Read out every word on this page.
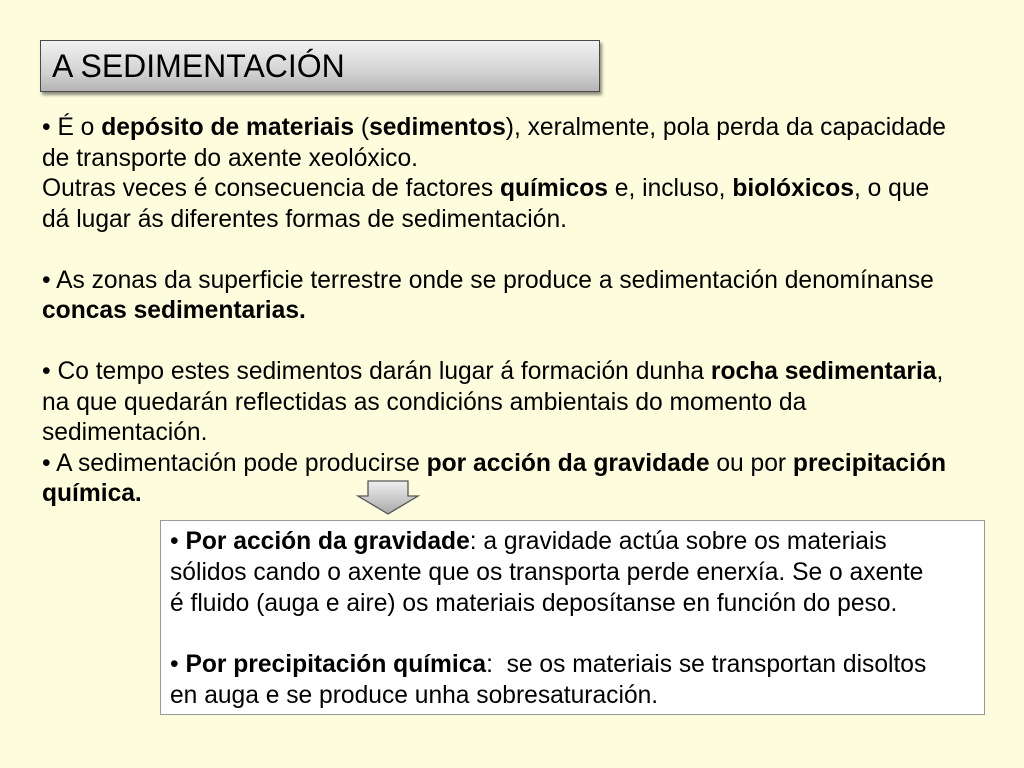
A SEDIMENTACIÓN
• É o depósito de materiais (sedimentos), xeralmente, pola perda da capacidade
de transporte do axente xeolóxico.
Outras veces é consecuencia de factores químicos e, incluso, biolóxicos, o que
dá lugar ás diferentes formas de sedimentación.
• As zonas da superficie terrestre onde se produce a sedimentación denomínanse
concas sedimentarias.
• Co tempo estes sedimentos darán lugar á formación dunha rocha sedimentaria,
na que quedarán reflectidas as condicións ambientais do momento da
sedimentación.
• A sedimentación pode producirse por acción da gravidade ou por precipitación
química.
• Por acción da gravidade: a gravidade actúa sobre os materiais
sólidos cando o axente que os transporta perde enerxía. Se o axente
é fluido (auga e aire) os materiais deposítanse en función do peso.
• Por precipitación química:  se os materiais se transportan disoltos
en auga e se produce unha sobresaturación.
